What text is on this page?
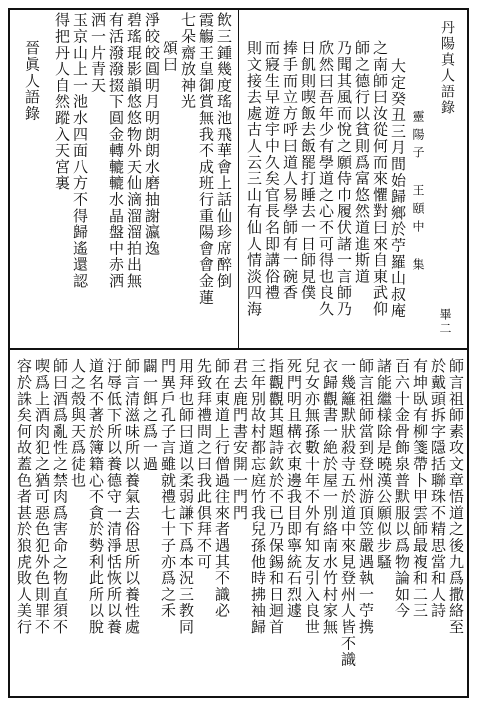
丹陽真人語錄
靈陽子 王頤中 集
畢二
飲三鍾幾度瑤池飛華會上話仙珍席醉倒
霞觴王皇御賞無我不成班行重陽會會金蓮
七朵齋放神光
頌曰
淨皎皎圓明月明朗朗水磨抽謝瀛逸
碧瑤琨影韻悠悠物外天仙滴溜溜拍出無
有活潑潑掇下圓金轉轆轆水晶盤中赤洒
洒一片青天
玉京山上一池水四面八方不得歸遙還認
得把丹人自然蹤入天宮裏
晉眞人語錄	大定癸丑三月間始歸鄉於苧羅山叔庵
之南師曰汝從何而來懼對曰來自東武仰
師之德行以貧則爲富悠然道進斯道
乃聞其風而悅之願侍巾履伏諸一言師乃
欣然曰吾年少有學道之心不可得也良久
日飢則喫飯去飯罷打睡去一日師見僕
捧手而立方呼曰道人易學師有一碗香
而寢生早遊宇中久矣官長名即講俗禮
則文接去處古人云三山有仙人情淡四海
師言祖師素攻文章悟道之後九爲撒絡至
於戴頭拆字隱括聯珠不精思當和人詩
有坤臥有柳箋帶卜甲雲師最複和二三
百六十金骨飾泉普默服以爲物論如今
諸能繼樣除是曉漢公願似步騷
師言祖師當到登州游頂笠嚴遇執一苧携
一幾籬默狀殺寺五於道中來見登州人皆不識
衣歸觀書一絶於屋一別絡南水竹村家無
兒女亦無孫數十年不外有知友引入良世
死門明且構衣東邊我目即寧統石烈遽
指觀觀其題詩欽於不已乃保錫和日迴首
三年別故村都忘庭竹我兒孫他時拂袖歸
君去鹿門書安開一門門
師在東道上行僧過往來者遇其不識必
先致拜禮問之曰我此俱拜不可
用拜也師曰道以柔弱謙下爲本況三教同
門異戶孔子言雖就禮七十子亦爲之禾
闢一餌之爲一過
師言清滋味所以養氣去俗思所以養性處
汙辱低下所以養德守一清淨恬恢所以養
道名不著於簿籍心不貪於勢利此所以脫
人之殼與天爲徒也
師曰酒爲亂性之禁肉爲害命之物直須不
喫爲上酒肉犯之猶可惡色犯外色則罪不
容於誅矣何故蓋色者甚於狼虎敗人美行
